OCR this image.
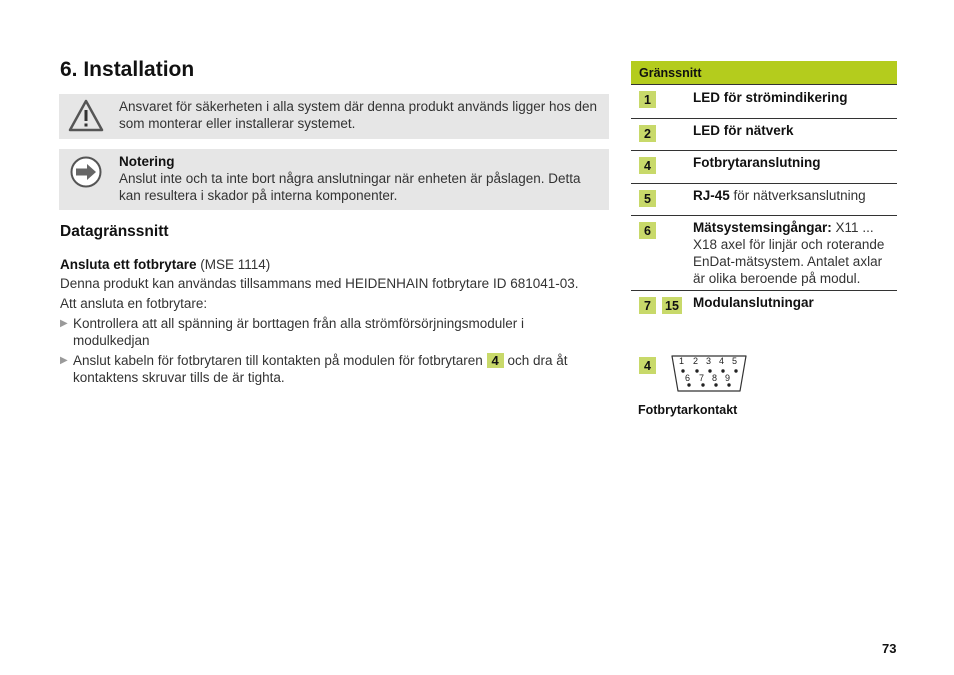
6. Installation
Ansvaret för säkerheten i alla system där denna produkt används ligger hos den som monterar eller installerar systemet.
Notering
Anslut inte och ta inte bort några anslutningar när enheten är påslagen. Detta kan resultera i skador på interna komponenter.
Datagränssnitt
Ansluta ett fotbrytare (MSE 1114)
Denna produkt kan användas tillsammans med HEIDENHAIN fotbrytare ID 681041-03.
Att ansluta en fotbrytare:
▶ Kontrollera att all spänning är borttagen från alla strömförsörjningsmoduler i modulkedjan
▶ Anslut kabeln för fotbrytaren till kontakten på modulen för fotbrytaren 4 och dra åt kontaktens skruvar tills de är tighta.
Gränssnitt
1	LED för strömindikering
2	LED för nätverk
4	Fotbrytaranslutning
5	RJ-45 för nätverksanslutning
6	Mätsystemsingångar: X11 ... X18 axel för linjär och roterande EnDat-mätsystem. Antalet axlar är olika beroende på modul.
7	15 Modulanslutningar
4	1 2 3 4 5
6 7 8 9
Fotbrytarkontakt
73
